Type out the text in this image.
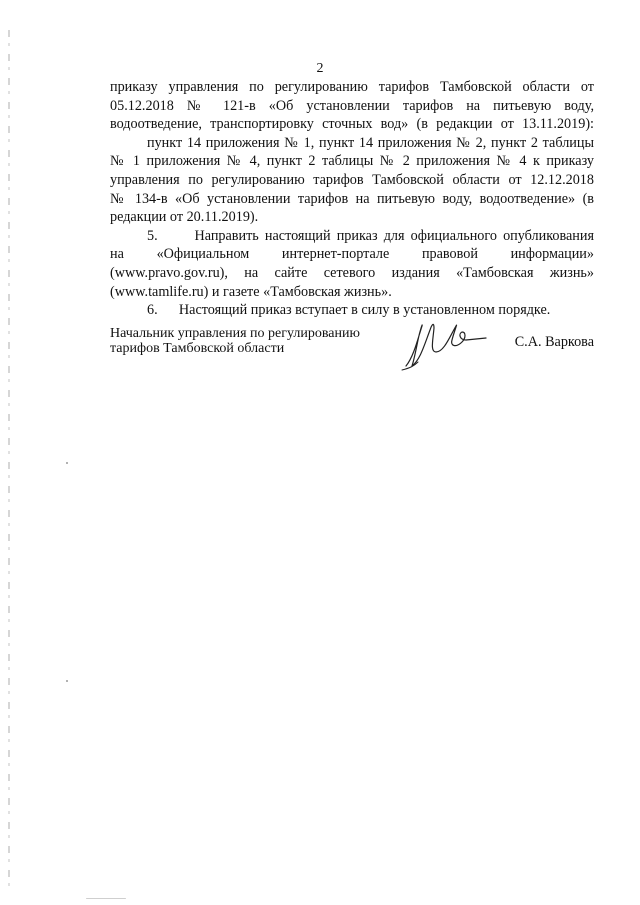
2
приказу управления по регулированию тарифов Тамбовской области от
05.12.2018 № 121-в «Об установлении тарифов на питьевую воду,
водоотведение, транспортировку сточных вод» (в редакции от 13.11.2019):
пункт 14 приложения № 1, пункт 14 приложения № 2, пункт 2 таблицы
№ 1 приложения № 4, пункт 2 таблицы № 2 приложения № 4 к приказу
управления по регулированию тарифов Тамбовской области от 12.12.2018
№ 134-в «Об установлении тарифов на питьевую воду, водоотведение» (в
редакции от 20.11.2019).
5.      Направить настоящий приказ для официального опубликования
на «Официальном интернет-портале правовой информации»
(www.pravo.gov.ru), на сайте сетевого издания «Тамбовская жизнь»
(www.tamlife.ru) и газете «Тамбовская жизнь».
6.      Настоящий приказ вступает в силу в установленном порядке.
Начальник управления по регулированию
тарифов Тамбовской области	С.А. Варкова
